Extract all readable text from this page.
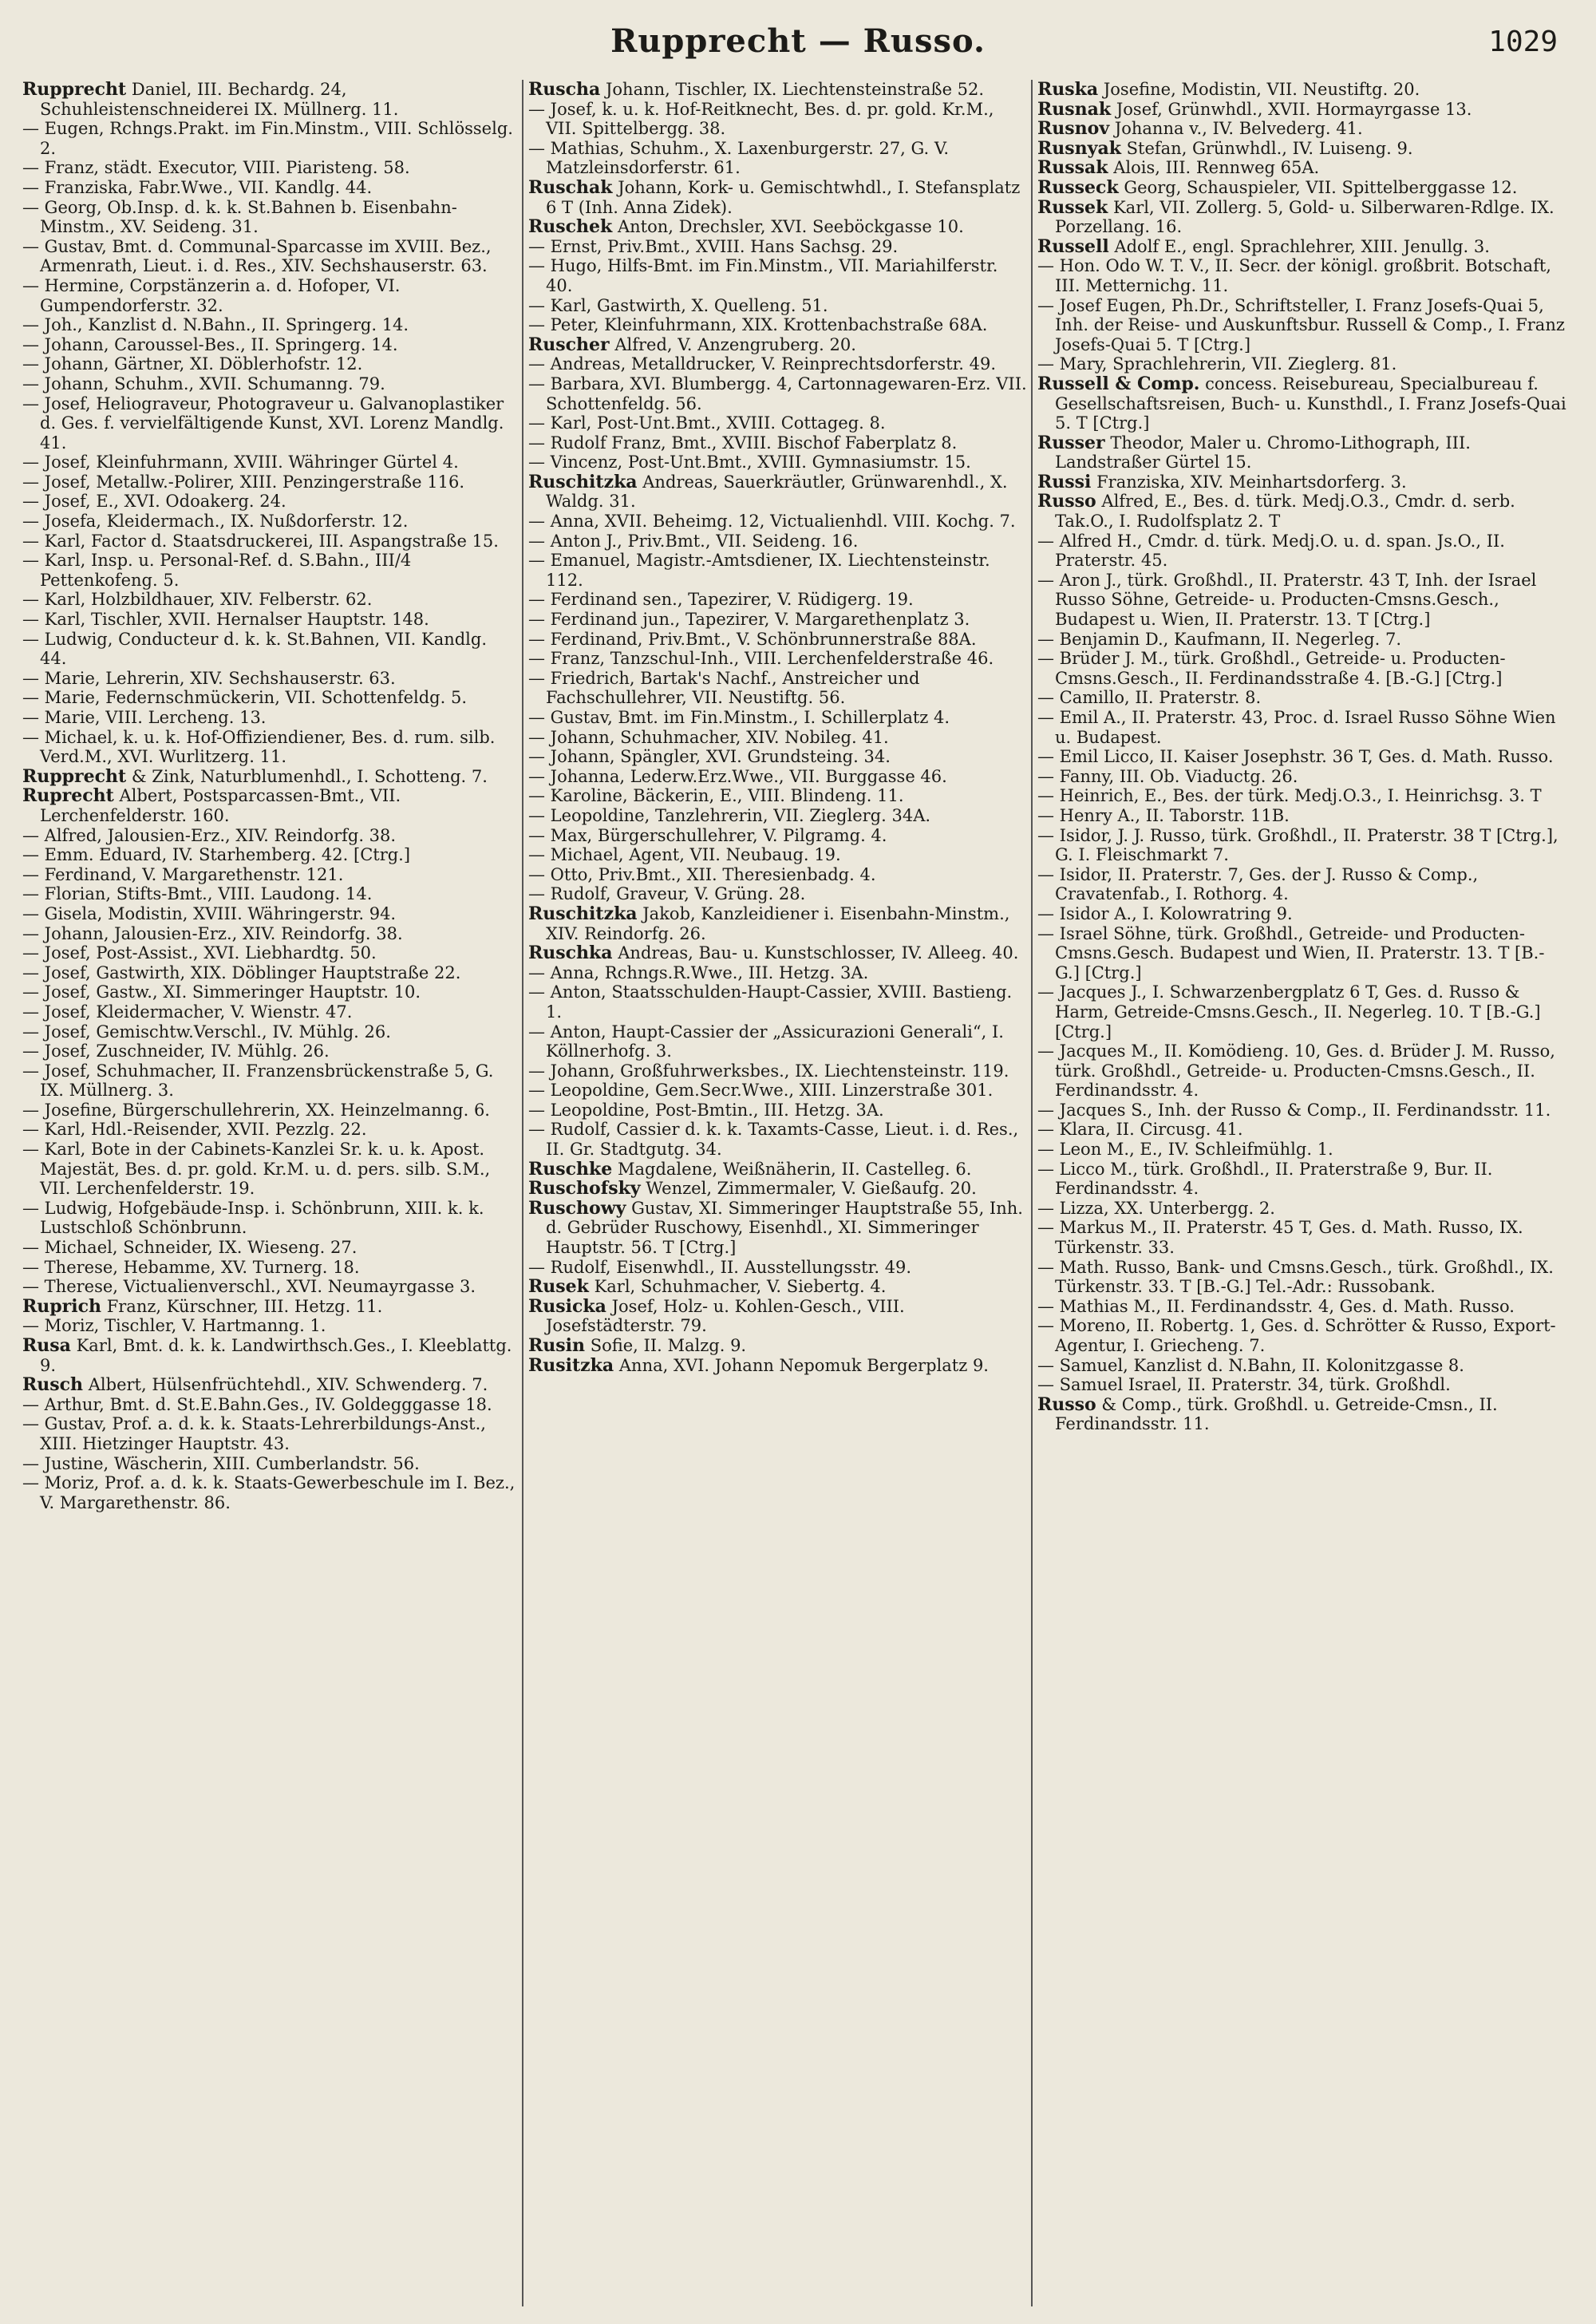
Rupprecht — Russo.	1029

Rupprecht Daniel, III. Bechardg. 24, Schuhleistenschneiderei IX. Müllnerg. 11.

— Eugen, Rchngs.Prakt. im Fin.Minstm., VIII. Schlösselg. 2.

— Franz, städt. Executor, VIII. Piaristeng. 58.

— Franziska, Fabr.Wwe., VII. Kandlg. 44.

— Georg, Ob.Insp. d. k. k. St.Bahnen b. Eisenbahn-Minstm., XV. Seideng. 31.

— Gustav, Bmt. d. Communal-Sparcasse im XVIII. Bez., Armenrath, Lieut. i. d. Res., XIV. Sechshauserstr. 63.

— Hermine, Corpstänzerin a. d. Hofoper, VI. Gumpendorferstr. 32.

— Joh., Kanzlist d. N.Bahn., II. Springerg. 14.

— Johann, Caroussel-Bes., II. Springerg. 14.

— Johann, Gärtner, XI. Döblerhofstr. 12.

— Johann, Schuhm., XVII. Schumanng. 79.

— Josef, Heliograveur, Photograveur u. Galvanoplastiker d. Ges. f. vervielfältigende Kunst, XVI. Lorenz Mandlg. 41.

— Josef, Kleinfuhrmann, XVIII. Währinger Gürtel 4.

— Josef, Metallw.-Polirer, XIII. Penzingerstraße 116.

— Josef, E., XVI. Odoakerg. 24.

— Josefa, Kleidermach., IX. Nußdorferstr. 12.

— Karl, Factor d. Staatsdruckerei, III. Aspangstraße 15.

— Karl, Insp. u. Personal-Ref. d. S.Bahn., III/4 Pettenkofeng. 5.

— Karl, Holzbildhauer, XIV. Felberstr. 62.

— Karl, Tischler, XVII. Hernalser Hauptstr. 148.

— Ludwig, Conducteur d. k. k. St.Bahnen, VII. Kandlg. 44.

— Marie, Lehrerin, XIV. Sechshauserstr. 63.

— Marie, Federnschmückerin, VII. Schottenfeldg. 5.

— Marie, VIII. Lercheng. 13.

— Michael, k. u. k. Hof-Offiziendiener, Bes. d. rum. silb. Verd.M., XVI. Wurlitzerg. 11.

Rupprecht & Zink, Naturblumenhdl., I. Schotteng. 7.

Ruprecht Albert, Postsparcassen-Bmt., VII. Lerchenfelderstr. 160.

— Alfred, Jalousien-Erz., XIV. Reindorfg. 38.

— Emm. Eduard, IV. Starhemberg. 42. [Ctrg.]

— Ferdinand, V. Margarethenstr. 121.

— Florian, Stifts-Bmt., VIII. Laudong. 14.

— Gisela, Modistin, XVIII. Währingerstr. 94.

— Johann, Jalousien-Erz., XIV. Reindorfg. 38.

— Josef, Post-Assist., XVI. Liebhardtg. 50.

— Josef, Gastwirth, XIX. Döblinger Hauptstraße 22.

— Josef, Gastw., XI. Simmeringer Hauptstr. 10.

— Josef, Kleidermacher, V. Wienstr. 47.

— Josef, Gemischtw.Verschl., IV. Mühlg. 26.

— Josef, Zuschneider, IV. Mühlg. 26.

— Josef, Schuhmacher, II. Franzensbrückenstraße 5, G. IX. Müllnerg. 3.

— Josefine, Bürgerschullehrerin, XX. Heinzelmanng. 6.

— Karl, Hdl.-Reisender, XVII. Pezzlg. 22.

— Karl, Bote in der Cabinets-Kanzlei Sr. k. u. k. Apost. Majestät, Bes. d. pr. gold. Kr.M. u. d. pers. silb. S.M., VII. Lerchenfelderstr. 19.

— Ludwig, Hofgebäude-Insp. i. Schönbrunn, XIII. k. k. Lustschloß Schönbrunn.

— Michael, Schneider, IX. Wieseng. 27.

— Therese, Hebamme, XV. Turnerg. 18.

— Therese, Victualienverschl., XVI. Neumayrgasse 3.

Ruprich Franz, Kürschner, III. Hetzg. 11.

— Moriz, Tischler, V. Hartmanng. 1.

Rusa Karl, Bmt. d. k. k. Landwirthsch.Ges., I. Kleeblattg. 9.

Rusch Albert, Hülsenfrüchtehdl., XIV. Schwenderg. 7.

— Arthur, Bmt. d. St.E.Bahn.Ges., IV. Goldegggasse 18.

— Gustav, Prof. a. d. k. k. Staats-Lehrerbildungs-Anst., XIII. Hietzinger Hauptstr. 43.

— Justine, Wäscherin, XIII. Cumberlandstr. 56.

— Moriz, Prof. a. d. k. k. Staats-Gewerbeschule im I. Bez., V. Margarethenstr. 86.

Ruscha Johann, Tischler, IX. Liechtensteinstraße 52.

— Josef, k. u. k. Hof-Reitknecht, Bes. d. pr. gold. Kr.M., VII. Spittelbergg. 38.

— Mathias, Schuhm., X. Laxenburgerstr. 27, G. V. Matzleinsdorferstr. 61.

Ruschak Johann, Kork- u. Gemischtwhdl., I. Stefansplatz 6 T (Inh. Anna Zidek).

Ruschek Anton, Drechsler, XVI. Seeböckgasse 10.

— Ernst, Priv.Bmt., XVIII. Hans Sachsg. 29.

— Hugo, Hilfs-Bmt. im Fin.Minstm., VII. Mariahilferstr. 40.

— Karl, Gastwirth, X. Quelleng. 51.

— Peter, Kleinfuhrmann, XIX. Krottenbachstraße 68A.

Ruscher Alfred, V. Anzengruberg. 20.

— Andreas, Metalldrucker, V. Reinprechtsdorferstr. 49.

— Barbara, XVI. Blumbergg. 4, Cartonnagewaren-Erz. VII. Schottenfeldg. 56.

— Karl, Post-Unt.Bmt., XVIII. Cottageg. 8.

— Rudolf Franz, Bmt., XVIII. Bischof Faberplatz 8.

— Vincenz, Post-Unt.Bmt., XVIII. Gymnasiumstr. 15.

Ruschitzka Andreas, Sauerkräutler, Grünwarenhdl., X. Waldg. 31.

— Anna, XVII. Beheimg. 12, Victualienhdl. VIII. Kochg. 7.

— Anton J., Priv.Bmt., VII. Seideng. 16.

— Emanuel, Magistr.-Amtsdiener, IX. Liechtensteinstr. 112.

— Ferdinand sen., Tapezirer, V. Rüdigerg. 19.

— Ferdinand jun., Tapezirer, V. Margarethenplatz 3.

— Ferdinand, Priv.Bmt., V. Schönbrunnerstraße 88A.

— Franz, Tanzschul-Inh., VIII. Lerchenfelderstraße 46.

— Friedrich, Bartak's Nachf., Anstreicher und Fachschullehrer, VII. Neustiftg. 56.

— Gustav, Bmt. im Fin.Minstm., I. Schillerplatz 4.

— Johann, Schuhmacher, XIV. Nobileg. 41.

— Johann, Spängler, XVI. Grundsteing. 34.

— Johanna, Lederw.Erz.Wwe., VII. Burggasse 46.

— Karoline, Bäckerin, E., VIII. Blindeng. 11.

— Leopoldine, Tanzlehrerin, VII. Zieglerg. 34A.

— Max, Bürgerschullehrer, V. Pilgramg. 4.

— Michael, Agent, VII. Neubaug. 19.

— Otto, Priv.Bmt., XII. Theresienbadg. 4.

— Rudolf, Graveur, V. Grüng. 28.

Ruschitzka Jakob, Kanzleidiener i. Eisenbahn-Minstm., XIV. Reindorfg. 26.

Ruschka Andreas, Bau- u. Kunstschlosser, IV. Alleeg. 40.

— Anna, Rchngs.R.Wwe., III. Hetzg. 3A.

— Anton, Staatsschulden-Haupt-Cassier, XVIII. Bastieng. 1.

— Anton, Haupt-Cassier der „Assicurazioni Generali“, I. Köllnerhofg. 3.

— Johann, Großfuhrwerksbes., IX. Liechtensteinstr. 119.

— Leopoldine, Gem.Secr.Wwe., XIII. Linzerstraße 301.

— Leopoldine, Post-Bmtin., III. Hetzg. 3A.

— Rudolf, Cassier d. k. k. Taxamts-Casse, Lieut. i. d. Res., II. Gr. Stadtgutg. 34.

Ruschke Magdalene, Weißnäherin, II. Castelleg. 6.

Ruschofsky Wenzel, Zimmermaler, V. Gießaufg. 20.

Ruschowy Gustav, XI. Simmeringer Hauptstraße 55, Inh. d. Gebrüder Ruschowy, Eisenhdl., XI. Simmeringer Hauptstr. 56. T [Ctrg.]

— Rudolf, Eisenwhdl., II. Ausstellungsstr. 49.

Rusek Karl, Schuhmacher, V. Siebertg. 4.

Rusicka Josef, Holz- u. Kohlen-Gesch., VIII. Josefstädterstr. 79.

Rusin Sofie, II. Malzg. 9.

Rusitzka Anna, XVI. Johann Nepomuk Bergerplatz 9.

Ruska Josefine, Modistin, VII. Neustiftg. 20.

Rusnak Josef, Grünwhdl., XVII. Hormayrgasse 13.

Rusnov Johanna v., IV. Belvederg. 41.

Rusnyak Stefan, Grünwhdl., IV. Luiseng. 9.

Russak Alois, III. Rennweg 65A.

Russeck Georg, Schauspieler, VII. Spittelberggasse 12.

Russek Karl, VII. Zollerg. 5, Gold- u. Silberwaren-Rdlge. IX. Porzellang. 16.

Russell Adolf E., engl. Sprachlehrer, XIII. Jenullg. 3.

— Hon. Odo W. T. V., II. Secr. der königl. großbrit. Botschaft, III. Metternichg. 11.

— Josef Eugen, Ph.Dr., Schriftsteller, I. Franz Josefs-Quai 5, Inh. der Reise- und Auskunftsbur. Russell & Comp., I. Franz Josefs-Quai 5. T [Ctrg.]

— Mary, Sprachlehrerin, VII. Zieglerg. 81.

Russell & Comp. concess. Reisebureau, Specialbureau f. Gesellschaftsreisen, Buch- u. Kunsthdl., I. Franz Josefs-Quai 5. T [Ctrg.]

Russer Theodor, Maler u. Chromo-Lithograph, III. Landstraßer Gürtel 15.

Russi Franziska, XIV. Meinhartsdorferg. 3.

Russo Alfred, E., Bes. d. türk. Medj.O.3., Cmdr. d. serb. Tak.O., I. Rudolfsplatz 2. T

— Alfred H., Cmdr. d. türk. Medj.O. u. d. span. Js.O., II. Praterstr. 45.

— Aron J., türk. Großhdl., II. Praterstr. 43 T, Inh. der Israel Russo Söhne, Getreide- u. Producten-Cmsns.Gesch., Budapest u. Wien, II. Praterstr. 13. T [Ctrg.]

— Benjamin D., Kaufmann, II. Negerleg. 7.

— Brüder J. M., türk. Großhdl., Getreide- u. Producten-Cmsns.Gesch., II. Ferdinandsstraße 4. [B.-G.] [Ctrg.]

— Camillo, II. Praterstr. 8.

— Emil A., II. Praterstr. 43, Proc. d. Israel Russo Söhne Wien u. Budapest.

— Emil Licco, II. Kaiser Josephstr. 36 T, Ges. d. Math. Russo.

— Fanny, III. Ob. Viaductg. 26.

— Heinrich, E., Bes. der türk. Medj.O.3., I. Heinrichsg. 3. T

— Henry A., II. Taborstr. 11B.

— Isidor, J. J. Russo, türk. Großhdl., II. Praterstr. 38 T [Ctrg.], G. I. Fleischmarkt 7.

— Isidor, II. Praterstr. 7, Ges. der J. Russo & Comp., Cravatenfab., I. Rothorg. 4.

— Isidor A., I. Kolowratring 9.

— Israel Söhne, türk. Großhdl., Getreide- und Producten-Cmsns.Gesch. Budapest und Wien, II. Praterstr. 13. T [B.-G.] [Ctrg.]

— Jacques J., I. Schwarzenbergplatz 6 T, Ges. d. Russo & Harm, Getreide-Cmsns.Gesch., II. Negerleg. 10. T [B.-G.] [Ctrg.]

— Jacques M., II. Komödieng. 10, Ges. d. Brüder J. M. Russo, türk. Großhdl., Getreide- u. Producten-Cmsns.Gesch., II. Ferdinandsstr. 4.

— Jacques S., Inh. der Russo & Comp., II. Ferdinandsstr. 11.

— Klara, II. Circusg. 41.

— Leon M., E., IV. Schleifmühlg. 1.

— Licco M., türk. Großhdl., II. Praterstraße 9, Bur. II. Ferdinandsstr. 4.

— Lizza, XX. Unterbergg. 2.

— Markus M., II. Praterstr. 45 T, Ges. d. Math. Russo, IX. Türkenstr. 33.

— Math. Russo, Bank- und Cmsns.Gesch., türk. Großhdl., IX. Türkenstr. 33. T [B.-G.] Tel.-Adr.: Russobank.

— Mathias M., II. Ferdinandsstr. 4, Ges. d. Math. Russo.

— Moreno, II. Robertg. 1, Ges. d. Schrötter & Russo, Export-Agentur, I. Griecheng. 7.

— Samuel, Kanzlist d. N.Bahn, II. Kolonitzgasse 8.

— Samuel Israel, II. Praterstr. 34, türk. Großhdl.

Russo & Comp., türk. Großhdl. u. Getreide-Cmsn., II. Ferdinandsstr. 11.
